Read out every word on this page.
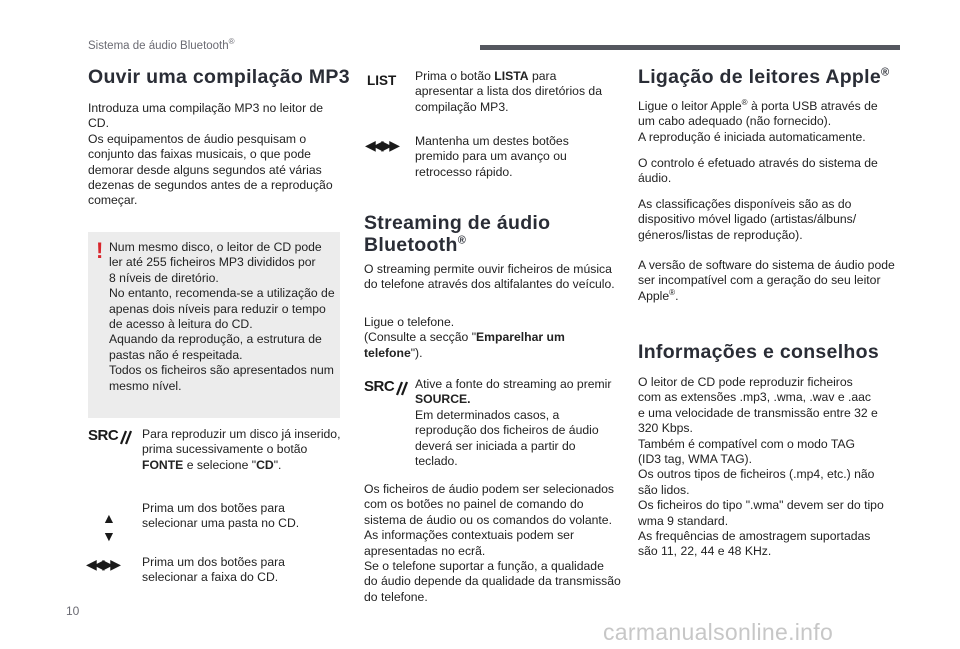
Sistema de áudio Bluetooth®
Ouvir uma compilação MP3
Introduza uma compilação MP3 no leitor de
CD.
Os equipamentos de áudio pesquisam o
conjunto das faixas musicais, o que pode
demorar desde alguns segundos até várias
dezenas de segundos antes de a reprodução
começar.
! Num mesmo disco, o leitor de CD pode
ler até 255 ficheiros MP3 divididos por
8 níveis de diretório.
No entanto, recomenda-se a utilização de
apenas dois níveis para reduzir o tempo
de acesso à leitura do CD.
Aquando da reprodução, a estrutura de
pastas não é respeitada.
Todos os ficheiros são apresentados num
mesmo nível.
SRC	Para reproduzir um disco já inserido,
prima sucessivamente o botão
FONTE e selecione "CD".
▲
▼
Prima um dos botões para
selecionar uma pasta no CD.
◀◀ ▶▶ Prima um dos botões para
selecionar a faixa do CD.
LIST Prima o botão LISTA para
apresentar a lista dos diretórios da
compilação MP3.
◀◀ ▶▶ Mantenha um destes botões
premido para um avanço ou
retrocesso rápido.
Streaming de áudio
Bluetooth®
O streaming permite ouvir ficheiros de música
do telefone através dos altifalantes do veículo.
Ligue o telefone.
(Consulte a secção "Emparelhar um
telefone").
SRC	Ative a fonte do streaming ao premir
SOURCE.
Em determinados casos, a
reprodução dos ficheiros de áudio
deverá ser iniciada a partir do
teclado.
Os ficheiros de áudio podem ser selecionados
com os botões no painel de comando do
sistema de áudio ou os comandos do volante.
As informações contextuais podem ser
apresentadas no ecrã.
Se o telefone suportar a função, a qualidade
do áudio depende da qualidade da transmissão
do telefone.
Ligação de leitores Apple®
Ligue o leitor Apple® à porta USB através de
um cabo adequado (não fornecido).
A reprodução é iniciada automaticamente.
O controlo é efetuado através do sistema de
áudio.
As classificações disponíveis são as do
dispositivo móvel ligado (artistas/álbuns/
géneros/listas de reprodução).
A versão de software do sistema de áudio pode
ser incompatível com a geração do seu leitor
Apple®.
Informações e conselhos
O leitor de CD pode reproduzir ficheiros
com as extensões .mp3, .wma, .wav e .aac
e uma velocidade de transmissão entre 32 e
320 Kbps.
Também é compatível com o modo TAG
(ID3 tag, WMA TAG).
Os outros tipos de ficheiros (.mp4, etc.) não
são lidos.
Os ficheiros do tipo ".wma" devem ser do tipo
wma 9 standard.
As frequências de amostragem suportadas
são 11, 22, 44 e 48 KHz.
10
carmanualsonline.info
